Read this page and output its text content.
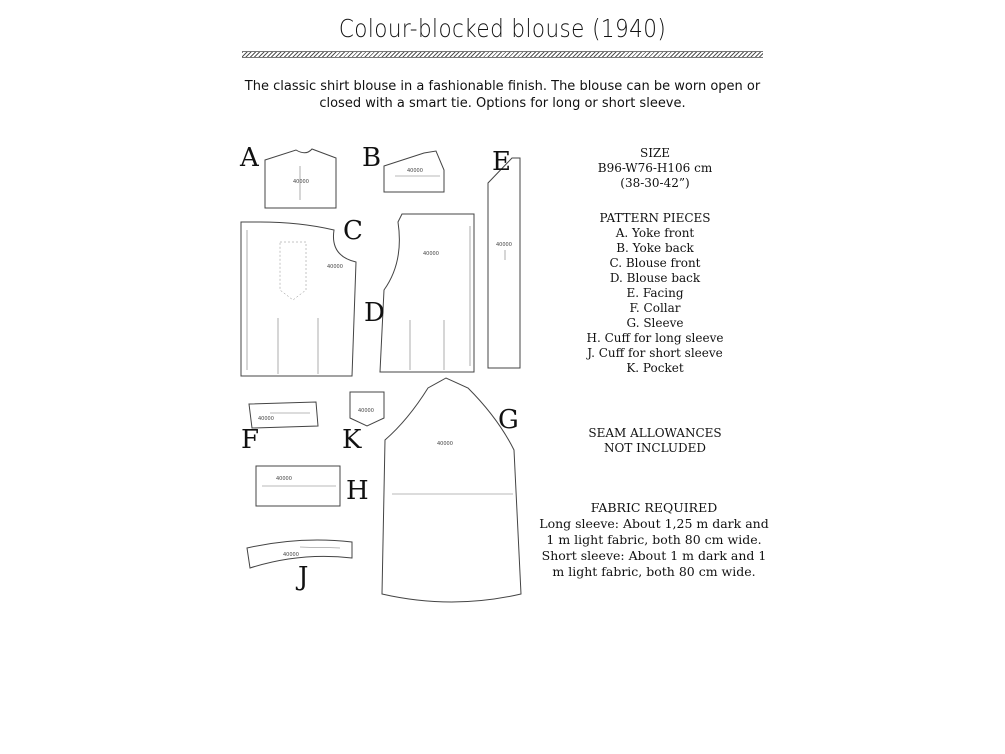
Colour-blocked blouse (1940)
The classic shirt blouse in a fashionable finish. The blouse can be worn open or closed with a smart tie. Options for long or short sleeve.
40000
40000
40000
40000
40000
40000
40000
40000
40000
40000
A	B
C
D
E
F
G
H
J
K
SIZE
B96-W76-H106 cm
(38-30-42”)
PATTERN PIECES
A. Yoke front
B. Yoke back
C. Blouse front
D. Blouse back
E. Facing
F. Collar
G. Sleeve
H. Cuff for long sleeve
J. Cuff for short sleeve
K. Pocket
SEAM ALLOWANCES
NOT INCLUDED
FABRIC REQUIRED
Long sleeve: About 1,25 m dark and
1 m light fabric, both 80 cm wide.
Short sleeve: About 1 m dark and 1
m light fabric, both 80 cm wide.
